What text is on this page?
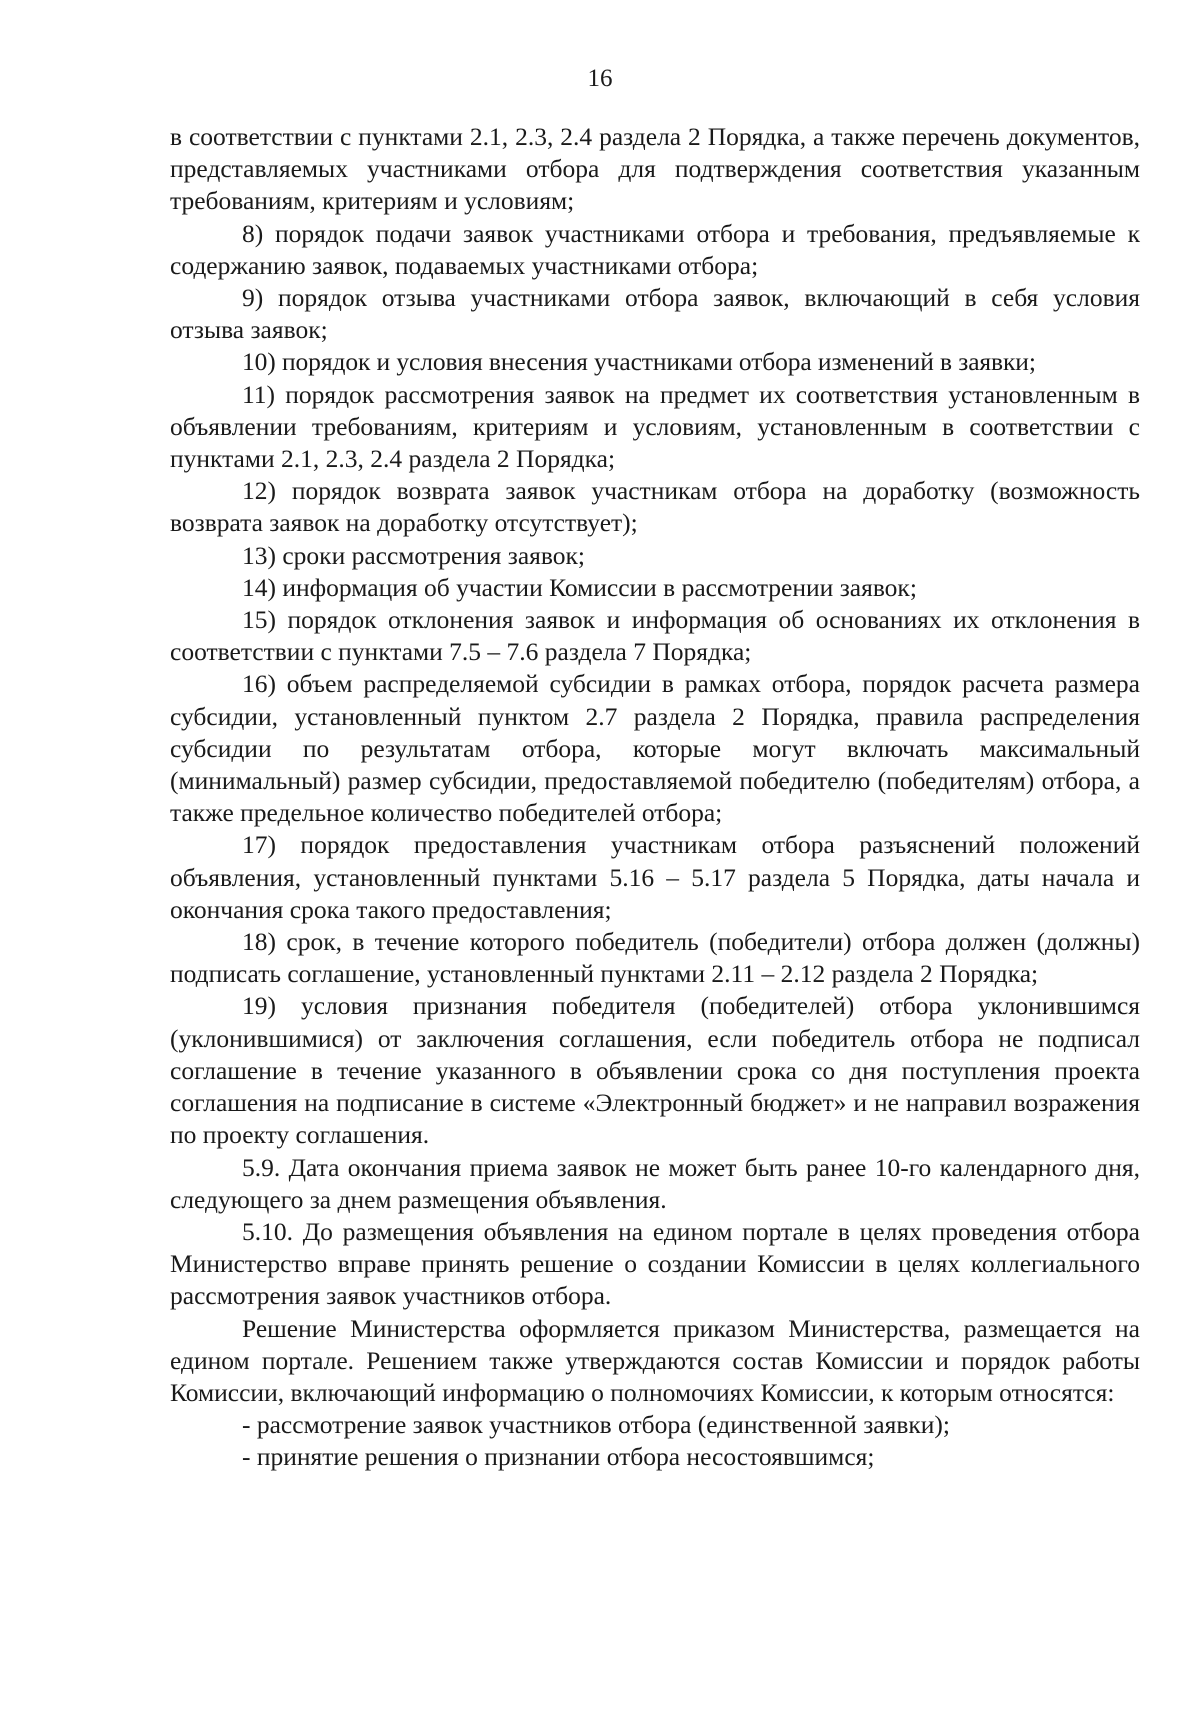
16

в соответствии с пунктами 2.1, 2.3, 2.4 раздела 2 Порядка, а также перечень документов, представляемых участниками отбора для подтверждения соответствия указанным требованиям, критериям и условиям;

8) порядок подачи заявок участниками отбора и требования, предъявляемые к содержанию заявок, подаваемых участниками отбора;

9) порядок отзыва участниками отбора заявок, включающий в себя условия отзыва заявок;

10) порядок и условия внесения участниками отбора изменений в заявки;

11) порядок рассмотрения заявок на предмет их соответствия установленным в объявлении требованиям, критериям и условиям, установленным в соответствии с пунктами 2.1, 2.3, 2.4 раздела 2 Порядка;

12) порядок возврата заявок участникам отбора на доработку (возможность возврата заявок на доработку отсутствует);

13) сроки рассмотрения заявок;

14) информация об участии Комиссии в рассмотрении заявок;

15) порядок отклонения заявок и информация об основаниях их отклонения в соответствии с пунктами 7.5 – 7.6 раздела 7 Порядка;

16) объем распределяемой субсидии в рамках отбора, порядок расчета размера субсидии, установленный пунктом 2.7 раздела 2 Порядка, правила распределения субсидии по результатам отбора, которые могут включать максимальный (минимальный) размер субсидии, предоставляемой победителю (победителям) отбора, а также предельное количество победителей отбора;

17) порядок предоставления участникам отбора разъяснений положений объявления, установленный пунктами 5.16 – 5.17 раздела 5 Порядка, даты начала и окончания срока такого предоставления;

18) срок, в течение которого победитель (победители) отбора должен (должны) подписать соглашение, установленный пунктами 2.11 – 2.12 раздела 2 Порядка;

19) условия признания победителя (победителей) отбора уклонившимся (уклонившимися) от заключения соглашения, если победитель отбора не подписал соглашение в течение указанного в объявлении срока со дня поступления проекта соглашения на подписание в системе «Электронный бюджет» и не направил возражения по проекту соглашения.

5.9. Дата окончания приема заявок не может быть ранее 10-го календарного дня, следующего за днем размещения объявления.

5.10. До размещения объявления на едином портале в целях проведения отбора Министерство вправе принять решение о создании Комиссии в целях коллегиального рассмотрения заявок участников отбора.

Решение Министерства оформляется приказом Министерства, размещается на едином портале. Решением также утверждаются состав Комиссии и порядок работы Комиссии, включающий информацию о полномочиях Комиссии, к которым относятся:

- рассмотрение заявок участников отбора (единственной заявки);

- принятие решения о признании отбора несостоявшимся;
